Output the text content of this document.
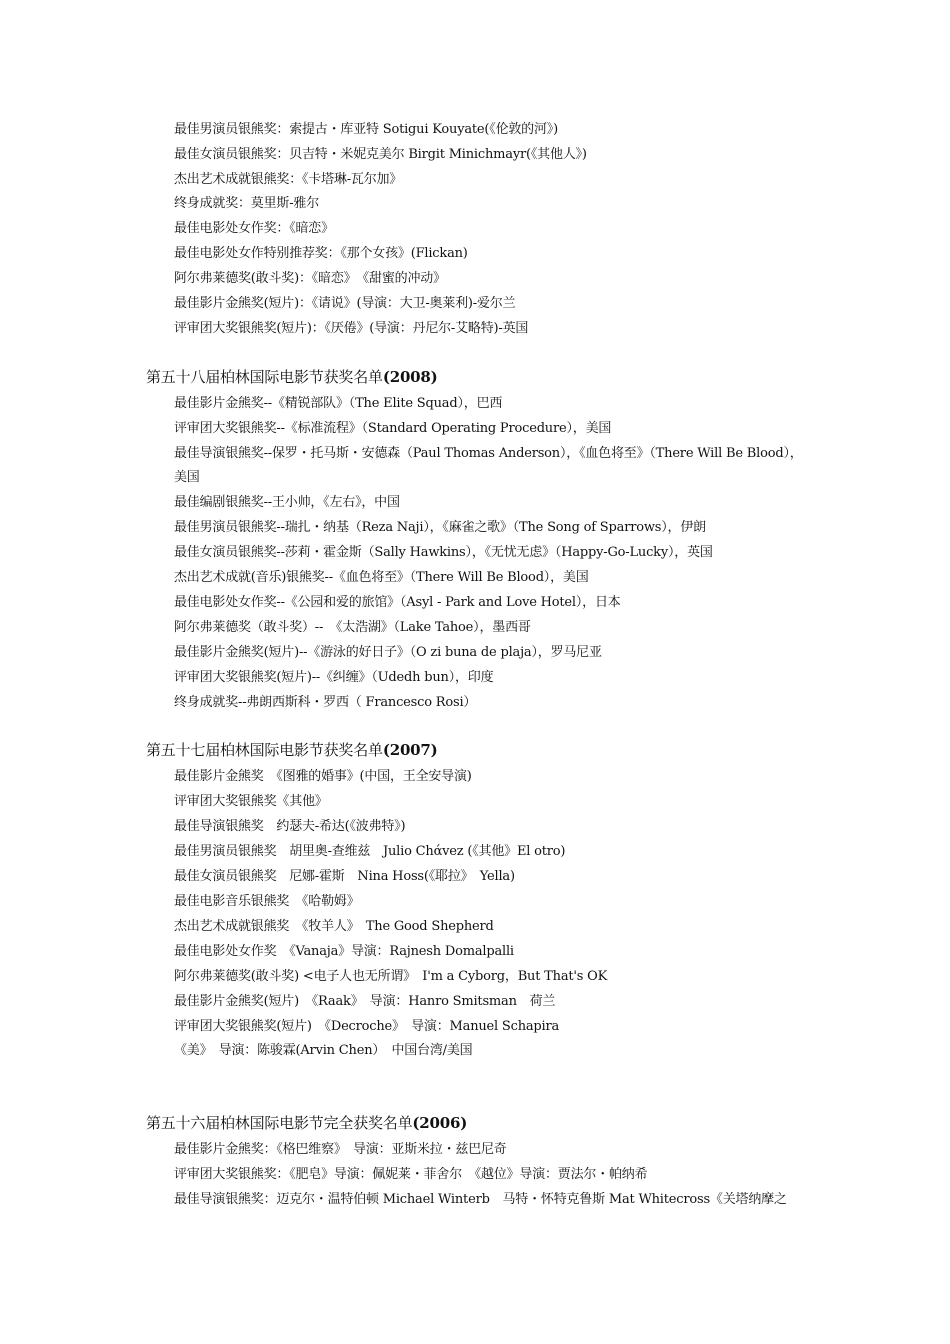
最佳男演员银熊奖：索提古・库亚特 Sotigui Kouyate(《伦敦的河》)
最佳女演员银熊奖：贝吉特・米妮克美尔 Birgit Minichmayr(《其他人》)
杰出艺术成就银熊奖：《卡塔琳-瓦尔加》
终身成就奖：莫里斯-雅尔
最佳电影处女作奖：《暗恋》
最佳电影处女作特别推荐奖：《那个女孩》(Flickan)
阿尔弗莱德奖(敢斗奖)：《暗恋》　《甜蜜的冲动》
最佳影片金熊奖(短片)：《请说》(导演：大卫-奥莱利)-爱尔兰
评审团大奖银熊奖(短片)：《厌倦》(导演：丹尼尔-艾略特)-英国
第五十八届柏林国际电影节获奖名单(2008)
最佳影片金熊奖--《精锐部队》（The Elite Squad），巴西
评审团大奖银熊奖--《标准流程》（Standard Operating Procedure），美国
最佳导演银熊奖--保罗・托马斯・安德森（Paul Thomas Anderson），《血色将至》（There Will Be Blood），
美国
最佳编剧银熊奖--王小帅，《左右》，中国
最佳男演员银熊奖--瑞扎・纳基（Reza Naji），《麻雀之歌》（The Song of Sparrows），伊朗
最佳女演员银熊奖--莎莉・霍金斯（Sally Hawkins），《无忧无虑》（Happy-Go-Lucky），英国
杰出艺术成就(音乐)银熊奖--《血色将至》（There Will Be Blood），美国
最佳电影处女作奖--《公园和爱的旅馆》（Asyl - Park and Love Hotel），日本
阿尔弗莱德奖（敢斗奖）--　《太浩湖》（Lake Tahoe），墨西哥
最佳影片金熊奖(短片)--《游泳的好日子》（O zi buna de plaja），罗马尼亚
评审团大奖银熊奖(短片)--《纠缠》（Udedh bun），印度
终身成就奖--弗朗西斯科・罗西（ Francesco Rosi）
第五十七届柏林国际电影节获奖名单(2007)
最佳影片金熊奖　《图雅的婚事》(中国，王全安导演)
评审团大奖银熊奖《其他》
最佳导演银熊奖　约瑟夫-希达(《波弗特》)
最佳男演员银熊奖　胡里奥-查维兹　Julio Chάvez (《其他》El otro)
最佳女演员银熊奖　尼娜-霍斯　Nina Hoss(《耶拉》　Yella)
最佳电影音乐银熊奖　《哈勒姆》
杰出艺术成就银熊奖　《牧羊人》　The Good Shepherd
最佳电影处女作奖　《Vanaja》导演：Rajnesh Domalpalli
阿尔弗莱德奖(敢斗奖) <电子人也无所谓》　I'm a Cyborg，But That's OK
最佳影片金熊奖(短片)　《Raak》　导演：Hanro Smitsman　荷兰
评审团大奖银熊奖(短片)　《Decroche》　导演：Manuel Schapira
《美》　导演：陈骏霖(Arvin Chen）　中国台湾/美国
第五十六届柏林国际电影节完全获奖名单(2006)
最佳影片金熊奖：《格巴维察》　导演：亚斯米拉・兹巴尼奇
评审团大奖银熊奖：《肥皂》导演：佩妮莱・菲舍尔　《越位》导演：贾法尔・帕纳希
最佳导演银熊奖：迈克尔・温特伯顿 Michael Winterb　马特・怀特克鲁斯 Mat Whitecross《关塔纳摩之
